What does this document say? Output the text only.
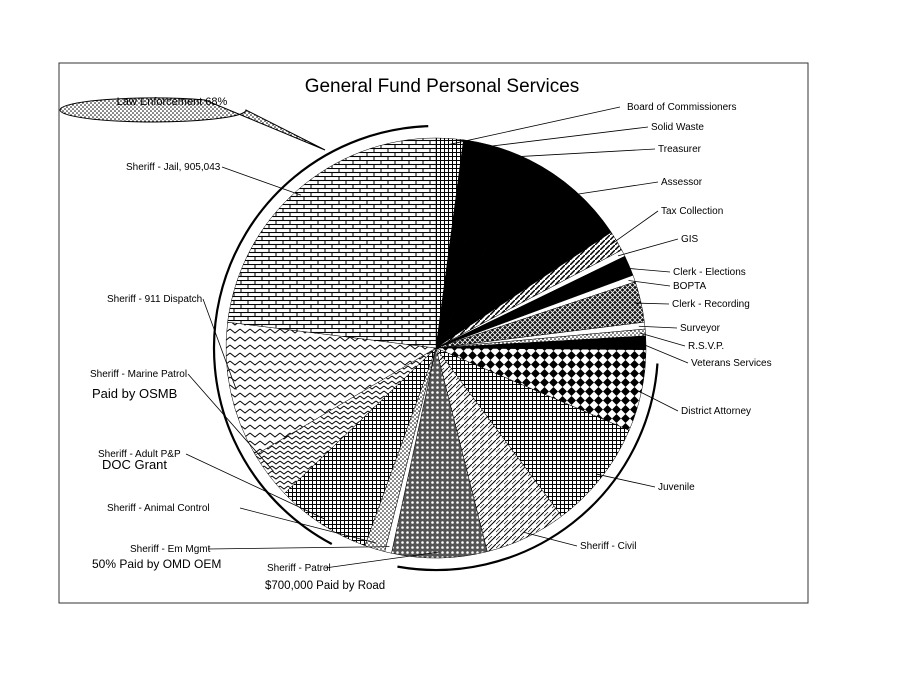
General Fund Personal Services
Board of Commissioners
Solid Waste
Treasurer
Assessor
Tax Collection
GIS
Clerk - Elections
BOPTA
Clerk - Recording
Surveyor
R.S.V.P.
Veterans Services
District Attorney
Juvenile
Sheriff - Civil
Sheriff - Patrol
Sheriff - Em Mgmt
Sheriff - Animal Control
Sheriff - Adult P&P
Sheriff - Marine Patrol
Sheriff - 911 Dispatch
Sheriff - Jail, 905,043
Law Enforcement 68%
Paid by OSMB
DOC Grant
50% Paid by OMD OEM
$700,000 Paid by Road
